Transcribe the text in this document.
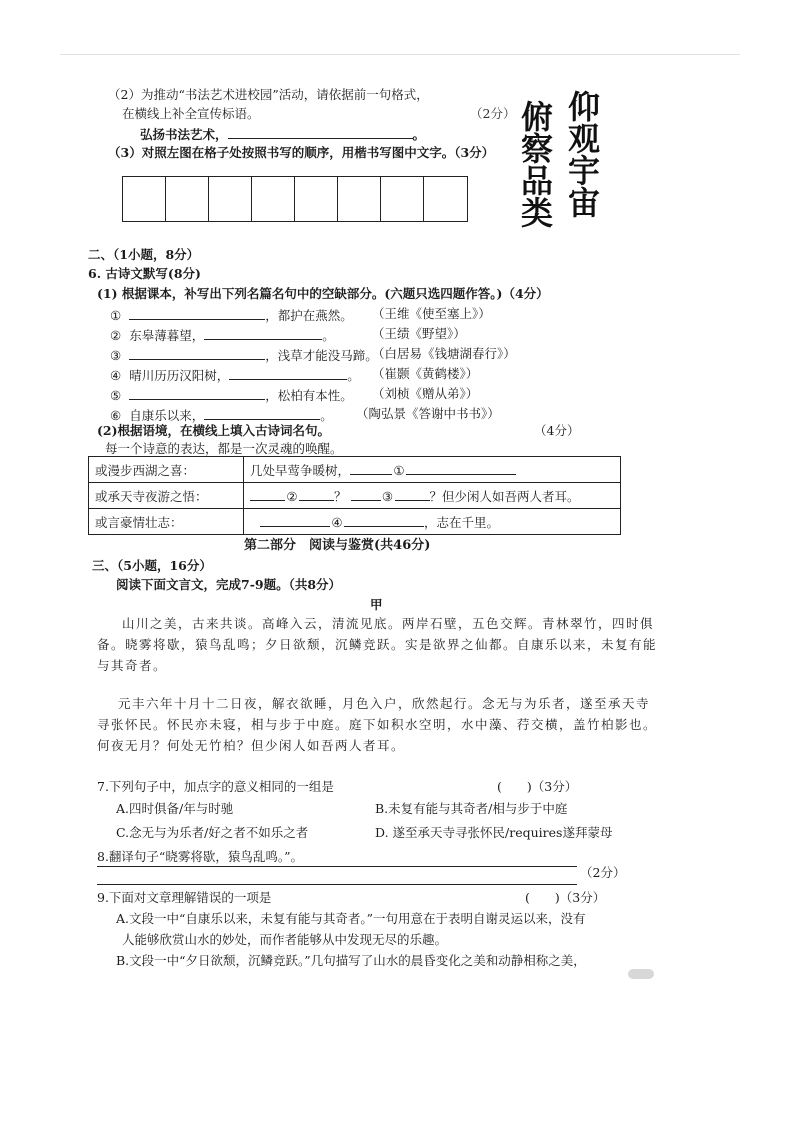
（2）为推动“书法艺术进校园”活动，请依据前一句格式，
在横线上补全宣传标语。	（2分）
弘扬书法艺术，	。
（3）对照左图在格子处按照书写的顺序，用楷书写图中文字。（3分） 仰观宇宙
俯察品类
二、（1小题，8分）
6. 古诗文默写(8分)
(1) 根据课本，补写出下列名篇名句中的空缺部分。(六题只选四题作答。)（4分）
①	，都护在燕然。 （王维《使至塞上》）
② 东皋薄暮望，	。	（王绩《野望》）
③	，浅草才能没马蹄。
（白居易《钱塘湖春行》）
④ 晴川历历汉阳树，	。 （崔颢《黄鹤楼》）
⑤	，松柏有本性。 （刘桢《赠从弟》）
⑥ 自康乐以来，	。 （陶弘景《答谢中书书》）
(2)根据语境，在横线上填入古诗词名句。	（4分）
每一个诗意的表达，都是一次灵魂的唤醒。
或漫步西湖之喜：	几处早莺争暖树， ①
或承天寺夜游之悟：	② ？ ③ ？但少闲人如吾两人者耳。
或言豪情壮志：	④ ，志在千里。
第二部分　阅读与鉴赏(共46分)
三、（5小题，16分）
阅读下面文言文，完成7-9题。（共8分）
甲
山川之美，古来共谈。高峰入云，清流见底。两岸石壁，五色交辉。青林翠竹，四时俱
备。晓雾将歇，猿鸟乱鸣；夕日欲颓，沉鳞竞跃。实是欲界之仙都。自康乐以来，未复有能
与其奇者。
元丰六年十月十二日夜，解衣欲睡，月色入户，欣然起行。念无与为乐者，遂至承天寺
寻张怀民。怀民亦未寝，相与步于中庭。庭下如积水空明，水中藻、荇交横，盖竹柏影也。
何夜无月？何处无竹柏？但少闲人如吾两人者耳。
7.下列句子中，加点字的意义相同的一组是	(　　)（3分）
A.四时俱备/年与时驰	B.未复有能与其奇者/相与步于中庭
C.念无与为乐者/好之者不如乐之者	D. 遂至承天寺寻张怀民/requires遂拜蒙母
8.翻译句子“晓雾将歇，猿鸟乱鸣。”。
（2分）
9.下面对文章理解错误的一项是	(　　)（3分）
A.文段一中“自康乐以来，未复有能与其奇者。”一句用意在于表明自谢灵运以来，没有
人能够欣赏山水的妙处，而作者能够从中发现无尽的乐趣。
B.文段一中“夕日欲颓，沉鳞竞跃。”几句描写了山水的晨昏变化之美和动静相称之美，
